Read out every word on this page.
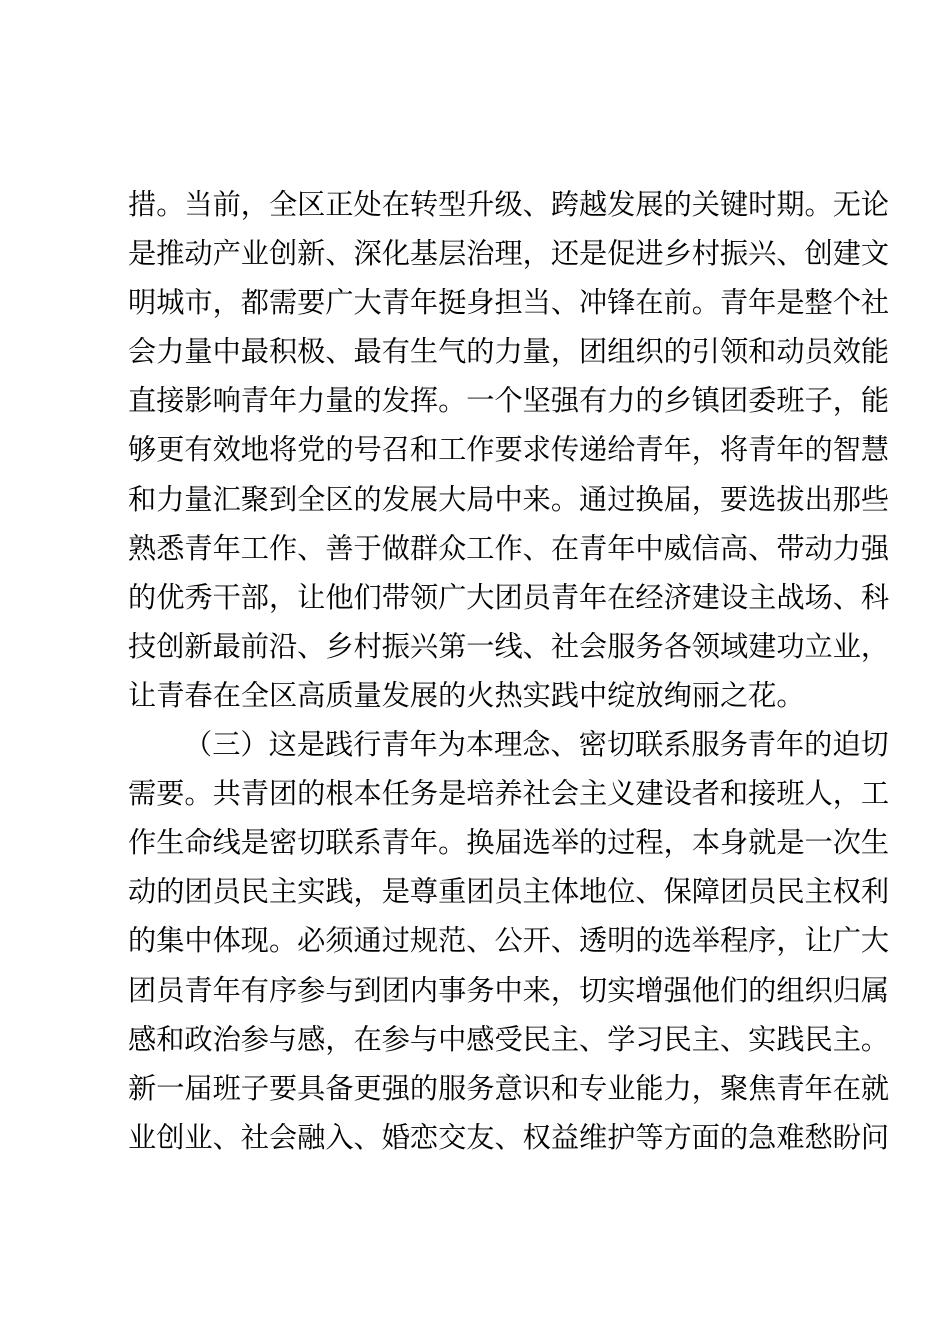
措。当前，全区正处在转型升级、跨越发展的关键时期。无论
是推动产业创新、深化基层治理，还是促进乡村振兴、创建文
明城市，都需要广大青年挺身担当、冲锋在前。青年是整个社
会力量中最积极、最有生气的力量，团组织的引领和动员效能
直接影响青年力量的发挥。一个坚强有力的乡镇团委班子，能
够更有效地将党的号召和工作要求传递给青年，将青年的智慧
和力量汇聚到全区的发展大局中来。通过换届，要选拔出那些
熟悉青年工作、善于做群众工作、在青年中威信高、带动力强
的优秀干部，让他们带领广大团员青年在经济建设主战场、科
技创新最前沿、乡村振兴第一线、社会服务各领域建功立业，
让青春在全区高质量发展的火热实践中绽放绚丽之花。
（三）这是践行青年为本理念、密切联系服务青年的迫切
需要。共青团的根本任务是培养社会主义建设者和接班人，工
作生命线是密切联系青年。换届选举的过程，本身就是一次生
动的团员民主实践，是尊重团员主体地位、保障团员民主权利
的集中体现。必须通过规范、公开、透明的选举程序，让广大
团员青年有序参与到团内事务中来，切实增强他们的组织归属
感和政治参与感，在参与中感受民主、学习民主、实践民主。
新一届班子要具备更强的服务意识和专业能力，聚焦青年在就
业创业、社会融入、婚恋交友、权益维护等方面的急难愁盼问
